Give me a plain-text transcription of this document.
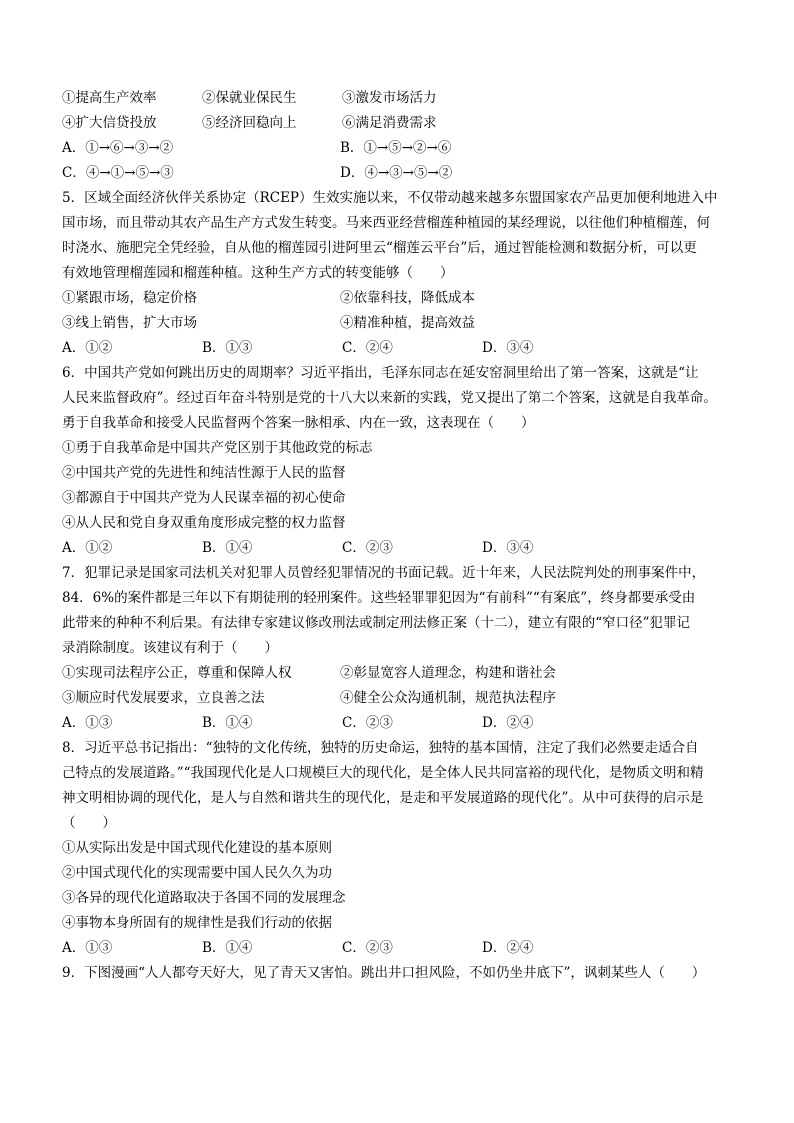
①提高生产效率	②保就业保民生	③激发市场活力
④扩大信贷投放	⑤经济回稳向上	⑥满足消费需求
A．①→⑥→③→②	B．①→⑤→②→⑥
C．④→①→⑤→③	D．④→③→⑤→②
5．区域全面经济伙伴关系协定（RCEP）生效实施以来，不仅带动越来越多东盟国家农产品更加便利地进入中
国市场，而且带动其农产品生产方式发生转变。马来西亚经营榴莲种植园的某经理说，以往他们种植榴莲，何
时浇水、施肥完全凭经验，自从他的榴莲园引进阿里云“榴莲云平台”后，通过智能检测和数据分析，可以更
有效地管理榴莲园和榴莲种植。这种生产方式的转变能够（　　）
①紧跟市场，稳定价格	②依靠科技，降低成本
③线上销售，扩大市场	④精准种植，提高效益
A．①②	B．①③	C．②④	D．③④
6．中国共产党如何跳出历史的周期率？习近平指出，毛泽东同志在延安窑洞里给出了第一答案，这就是“让
人民来监督政府”。经过百年奋斗特别是党的十八大以来新的实践，党又提出了第二个答案，这就是自我革命。
勇于自我革命和接受人民监督两个答案一脉相承、内在一致，这表现在（　　）
①勇于自我革命是中国共产党区别于其他政党的标志
②中国共产党的先进性和纯洁性源于人民的监督
③都源自于中国共产党为人民谋幸福的初心使命
④从人民和党自身双重角度形成完整的权力监督
A．①②	B．①④	C．②③	D．③④
7．犯罪记录是国家司法机关对犯罪人员曾经犯罪情况的书面记载。近十年来，人民法院判处的刑事案件中，
84．6%的案件都是三年以下有期徒刑的轻刑案件。这些轻罪罪犯因为“有前科”“有案底”，终身都要承受由
此带来的种种不利后果。有法律专家建议修改刑法或制定刑法修正案（十二），建立有限的“窄口径”犯罪记
录消除制度。该建议有利于（　　）
①实现司法程序公正，尊重和保障人权	②彰显宽容人道理念，构建和谐社会
③顺应时代发展要求，立良善之法	④健全公众沟通机制，规范执法程序
A．①③	B．①④	C．②③	D．②④
8．习近平总书记指出：“独特的文化传统，独特的历史命运，独特的基本国情，注定了我们必然要走适合自
己特点的发展道路。”“我国现代化是人口规模巨大的现代化，是全体人民共同富裕的现代化，是物质文明和精
神文明相协调的现代化，是人与自然和谐共生的现代化，是走和平发展道路的现代化”。从中可获得的启示是
（　　）
①从实际出发是中国式现代化建设的基本原则
②中国式现代化的实现需要中国人民久久为功
③各异的现代化道路取决于各国不同的发展理念
④事物本身所固有的规律性是我们行动的依据
A．①③	B．①④	C．②③	D．②④
9．下图漫画“人人都夸天好大，见了青天又害怕。跳出井口担风险，不如仍坐井底下”，讽刺某些人（　　）
